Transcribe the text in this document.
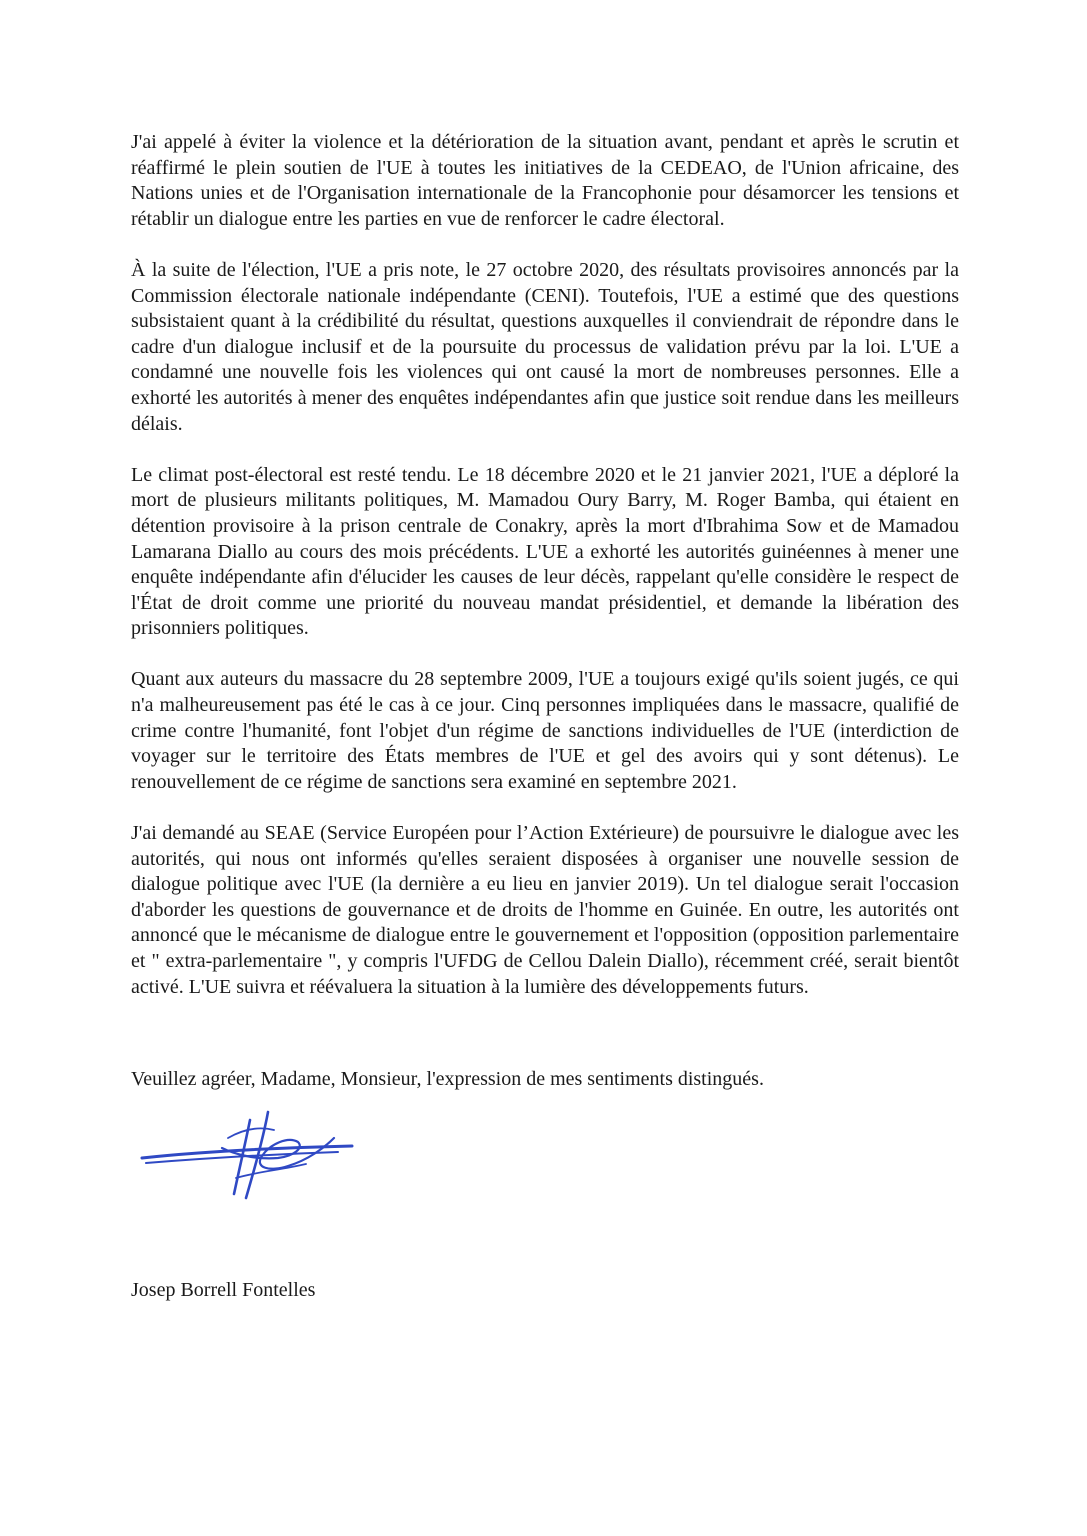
J'ai appelé à éviter la violence et la détérioration de la situation avant, pendant et après le scrutin et réaffirmé le plein soutien de l'UE à toutes les initiatives de la CEDEAO, de l'Union africaine, des Nations unies et de l'Organisation internationale de la Francophonie pour désamorcer les tensions et rétablir un dialogue entre les parties en vue de renforcer le cadre électoral.

À la suite de l'élection, l'UE a pris note, le 27 octobre 2020, des résultats provisoires annoncés par la Commission électorale nationale indépendante (CENI). Toutefois, l'UE a estimé que des questions subsistaient quant à la crédibilité du résultat, questions auxquelles il conviendrait de répondre dans le cadre d'un dialogue inclusif et de la poursuite du processus de validation prévu par la loi. L'UE a condamné une nouvelle fois les violences qui ont causé la mort de nombreuses personnes. Elle a exhorté les autorités à mener des enquêtes indépendantes afin que justice soit rendue dans les meilleurs délais.

Le climat post-électoral est resté tendu. Le 18 décembre 2020 et le 21 janvier 2021, l'UE a déploré la mort de plusieurs militants politiques, M. Mamadou Oury Barry, M. Roger Bamba, qui étaient en détention provisoire à la prison centrale de Conakry, après la mort d'Ibrahima Sow et de Mamadou Lamarana Diallo au cours des mois précédents. L'UE a exhorté les autorités guinéennes à mener une enquête indépendante afin d'élucider les causes de leur décès, rappelant qu'elle considère le respect de l'État de droit comme une priorité du nouveau mandat présidentiel, et demande la libération des prisonniers politiques.

Quant aux auteurs du massacre du 28 septembre 2009, l'UE a toujours exigé qu'ils soient jugés, ce qui n'a malheureusement pas été le cas à ce jour. Cinq personnes impliquées dans le massacre, qualifié de crime contre l'humanité, font l'objet d'un régime de sanctions individuelles de l'UE (interdiction de voyager sur le territoire des États membres de l'UE et gel des avoirs qui y sont détenus). Le renouvellement de ce régime de sanctions sera examiné en septembre 2021.

J'ai demandé au SEAE (Service Européen pour l’Action Extérieure) de poursuivre le dialogue avec les autorités, qui nous ont informés qu'elles seraient disposées à organiser une nouvelle session de dialogue politique avec l'UE (la dernière a eu lieu en janvier 2019). Un tel dialogue serait l'occasion d'aborder les questions de gouvernance et de droits de l'homme en Guinée. En outre, les autorités ont annoncé que le mécanisme de dialogue entre le gouvernement et l'opposition (opposition parlementaire et " extra-parlementaire ", y compris l'UFDG de Cellou Dalein Diallo), récemment créé, serait bientôt activé. L'UE suivra et réévaluera la situation à la lumière des développements futurs.

Veuillez agréer, Madame, Monsieur, l'expression de mes sentiments distingués.

Josep Borrell Fontelles
